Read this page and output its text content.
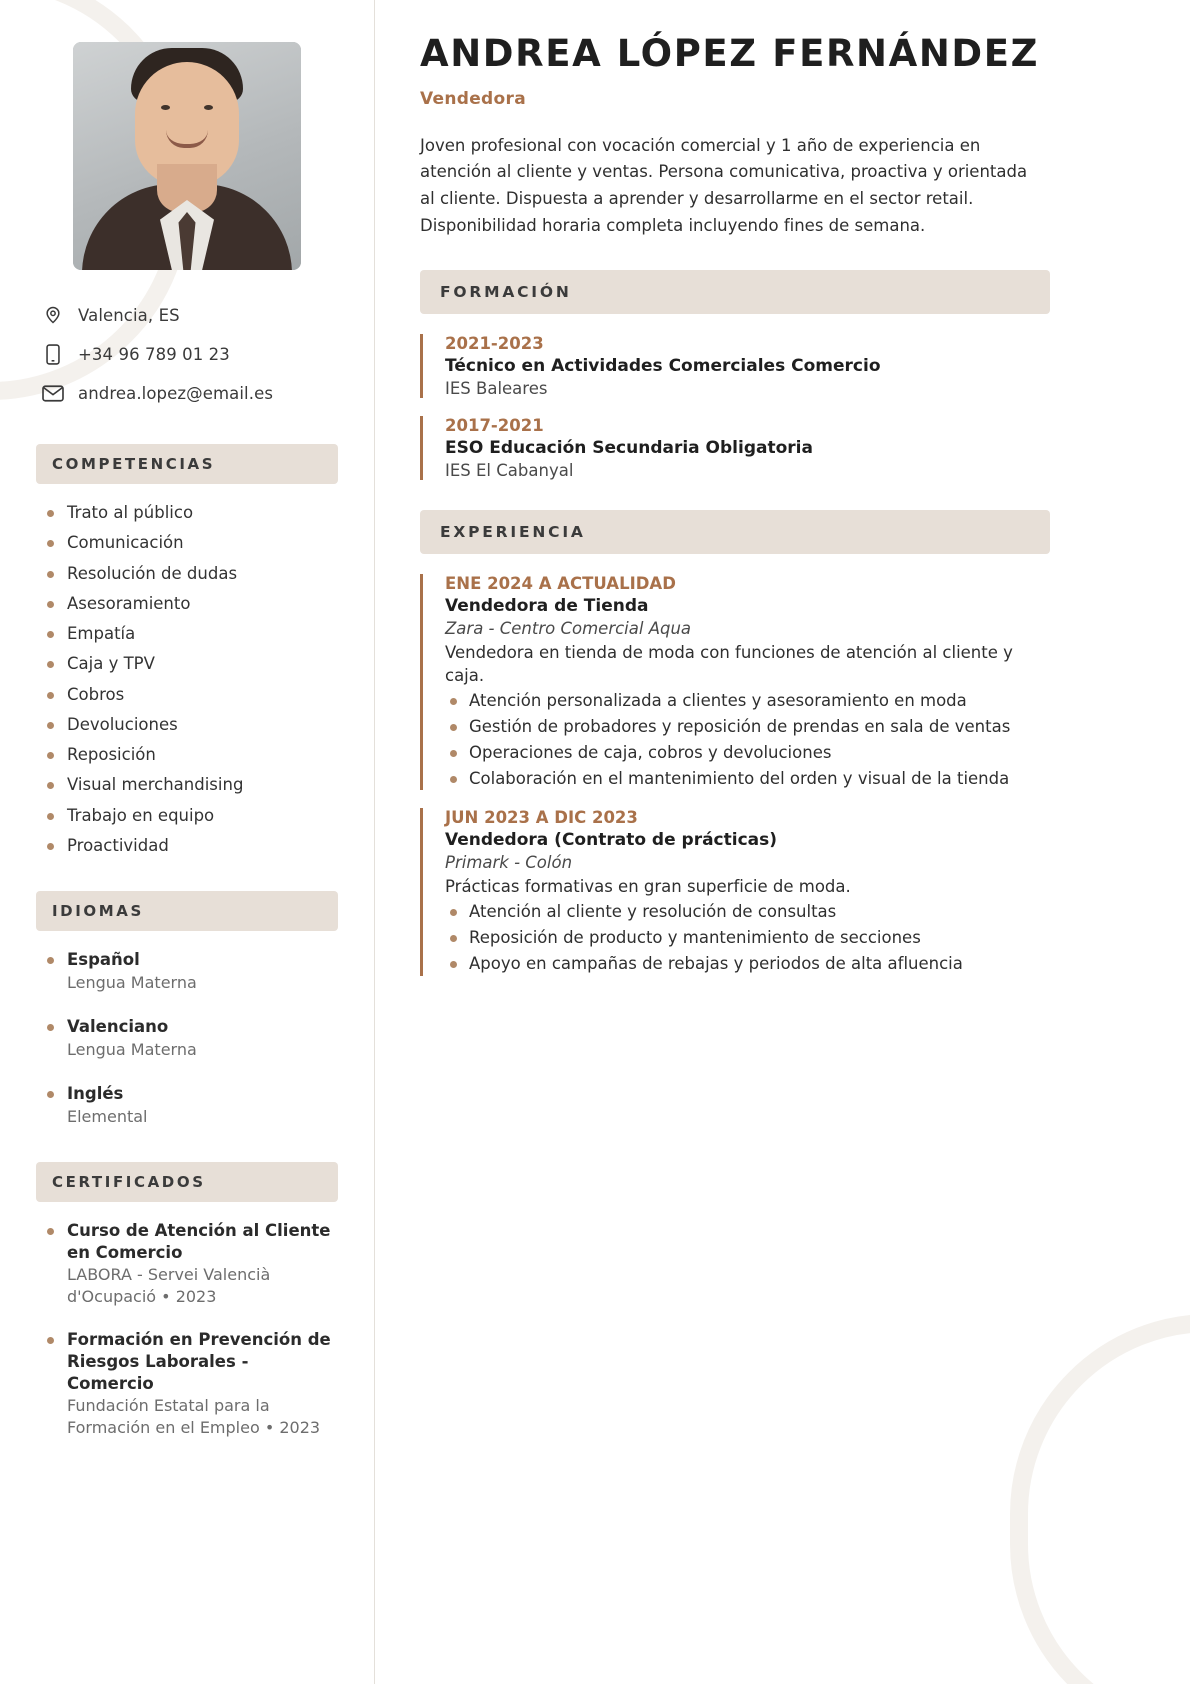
Valencia, ES
+34 96 789 01 23
andrea.lopez@email.es
COMPETENCIAS
Trato al público
Comunicación
Resolución de dudas
Asesoramiento
Empatía
Caja y TPV
Cobros
Devoluciones
Reposición
Visual merchandising
Trabajo en equipo
Proactividad
IDIOMAS
Español
Lengua Materna
Valenciano
Lengua Materna
Inglés
Elemental
CERTIFICADOS
Curso de Atención al Cliente en Comercio
LABORA - Servei Valencià d'Ocupació • 2023
Formación en Prevención de Riesgos Laborales - Comercio
Fundación Estatal para la Formación en el Empleo • 2023
ANDREA LÓPEZ FERNÁNDEZ
Vendedora

Joven profesional con vocación comercial y 1 año de experiencia en atención al cliente y ventas. Persona comunicativa, proactiva y orientada al cliente. Dispuesta a aprender y desarrollarme en el sector retail. Disponibilidad horaria completa incluyendo fines de semana.

FORMACIÓN
2021-2023
Técnico en Actividades Comerciales Comercio
IES Baleares
2017-2021
ESO Educación Secundaria Obligatoria
IES El Cabanyal
EXPERIENCIA
ENE 2024 A ACTUALIDAD
Vendedora de Tienda
Zara - Centro Comercial Aqua
Vendedora en tienda de moda con funciones de atención al cliente y caja.
Atención personalizada a clientes y asesoramiento en moda
Gestión de probadores y reposición de prendas en sala de ventas
Operaciones de caja, cobros y devoluciones
Colaboración en el mantenimiento del orden y visual de la tienda
JUN 2023 A DIC 2023
Vendedora (Contrato de prácticas)
Primark - Colón
Prácticas formativas en gran superficie de moda.
Atención al cliente y resolución de consultas
Reposición de producto y mantenimiento de secciones
Apoyo en campañas de rebajas y periodos de alta afluencia
